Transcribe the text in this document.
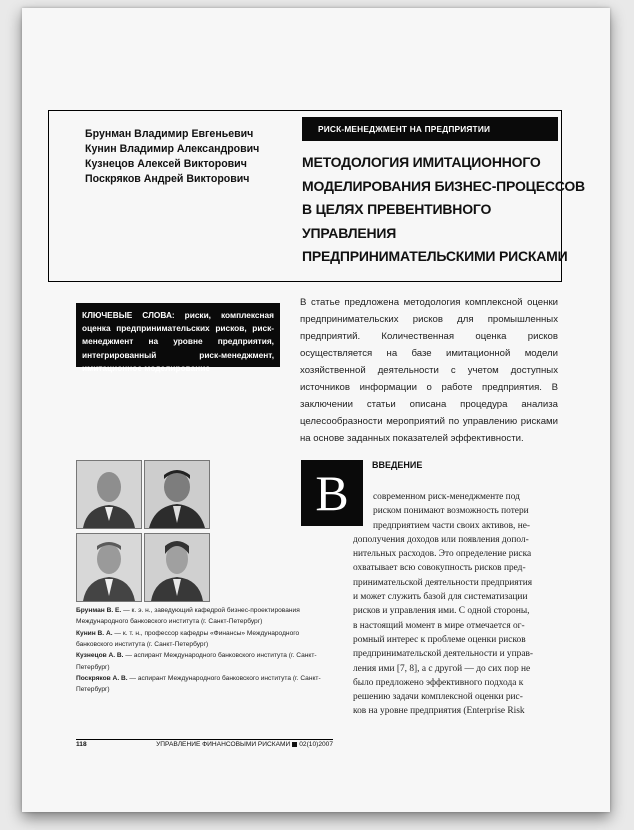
Брунман Владимир Евгеньевич
Кунин Владимир Александрович
Кузнецов Алексей Викторович
Поскряков Андрей Викторович
РИСК-МЕНЕДЖМЕНТ НА ПРЕДПРИЯТИИ
МЕТОДОЛОГИЯ ИМИТАЦИОННОГО
МОДЕЛИРОВАНИЯ БИЗНЕС-ПРОЦЕССОВ
В ЦЕЛЯХ ПРЕВЕНТИВНОГО
УПРАВЛЕНИЯ
ПРЕДПРИНИМАТЕЛЬСКИМИ РИСКАМИ
КЛЮЧЕВЫЕ СЛОВА: риски, комплексная оценка предпринимательских рисков, риск-менеджмент на уровне предприятия, интегрированный риск-менеджмент, имитационное моделирование
В статье предложена методология комплексной оценки предпринимательских рисков для промышленных предприятий. Количественная оценка рисков осуществляется на базе имитационной модели хозяйственной деятельности с учетом доступных источников информации о работе предприятия. В заключении статьи описана процедура анализа целесообразности мероприятий по управлению рисками на основе заданных показателей эффективности.

Брунман В. Е. — к. э. н., заведующий кафедрой бизнес-проектирования Международного банковского института (г. Санкт-Петербург)

Кунин В. А. — к. т. н., профессор кафедры «Финансы» Международного банковского института (г. Санкт-Петербург)

Кузнецов А. В. — аспирант Международного банковского института (г. Санкт-Петербург)

Поскряков А. В. — аспирант Международного банковского института (г. Санкт-Петербург)

В	ВВЕДЕНИЕ
современном риск-менеджменте под
риском понимают возможность потери
предприятием части своих активов, не-
дополучения доходов или появления допол-
нительных расходов. Это определение риска
охватывает всю совокупность рисков пред-
принимательской деятельности предприятия
и может служить базой для систематизации
рисков и управления ими. С одной стороны,
в настоящий момент в мире отмечается ог-
ромный интерес к проблеме оценки рисков
предпринимательской деятельности и управ-
ления ими [7, 8], а с другой — до сих пор не
было предложено эффективного подхода к
решению задачи комплексной оценки рис-
ков на уровне предприятия (Enterprise Risk
118	УПРАВЛЕНИЕ ФИНАНСОВЫМИ РИСКАМИ 02(10)2007
